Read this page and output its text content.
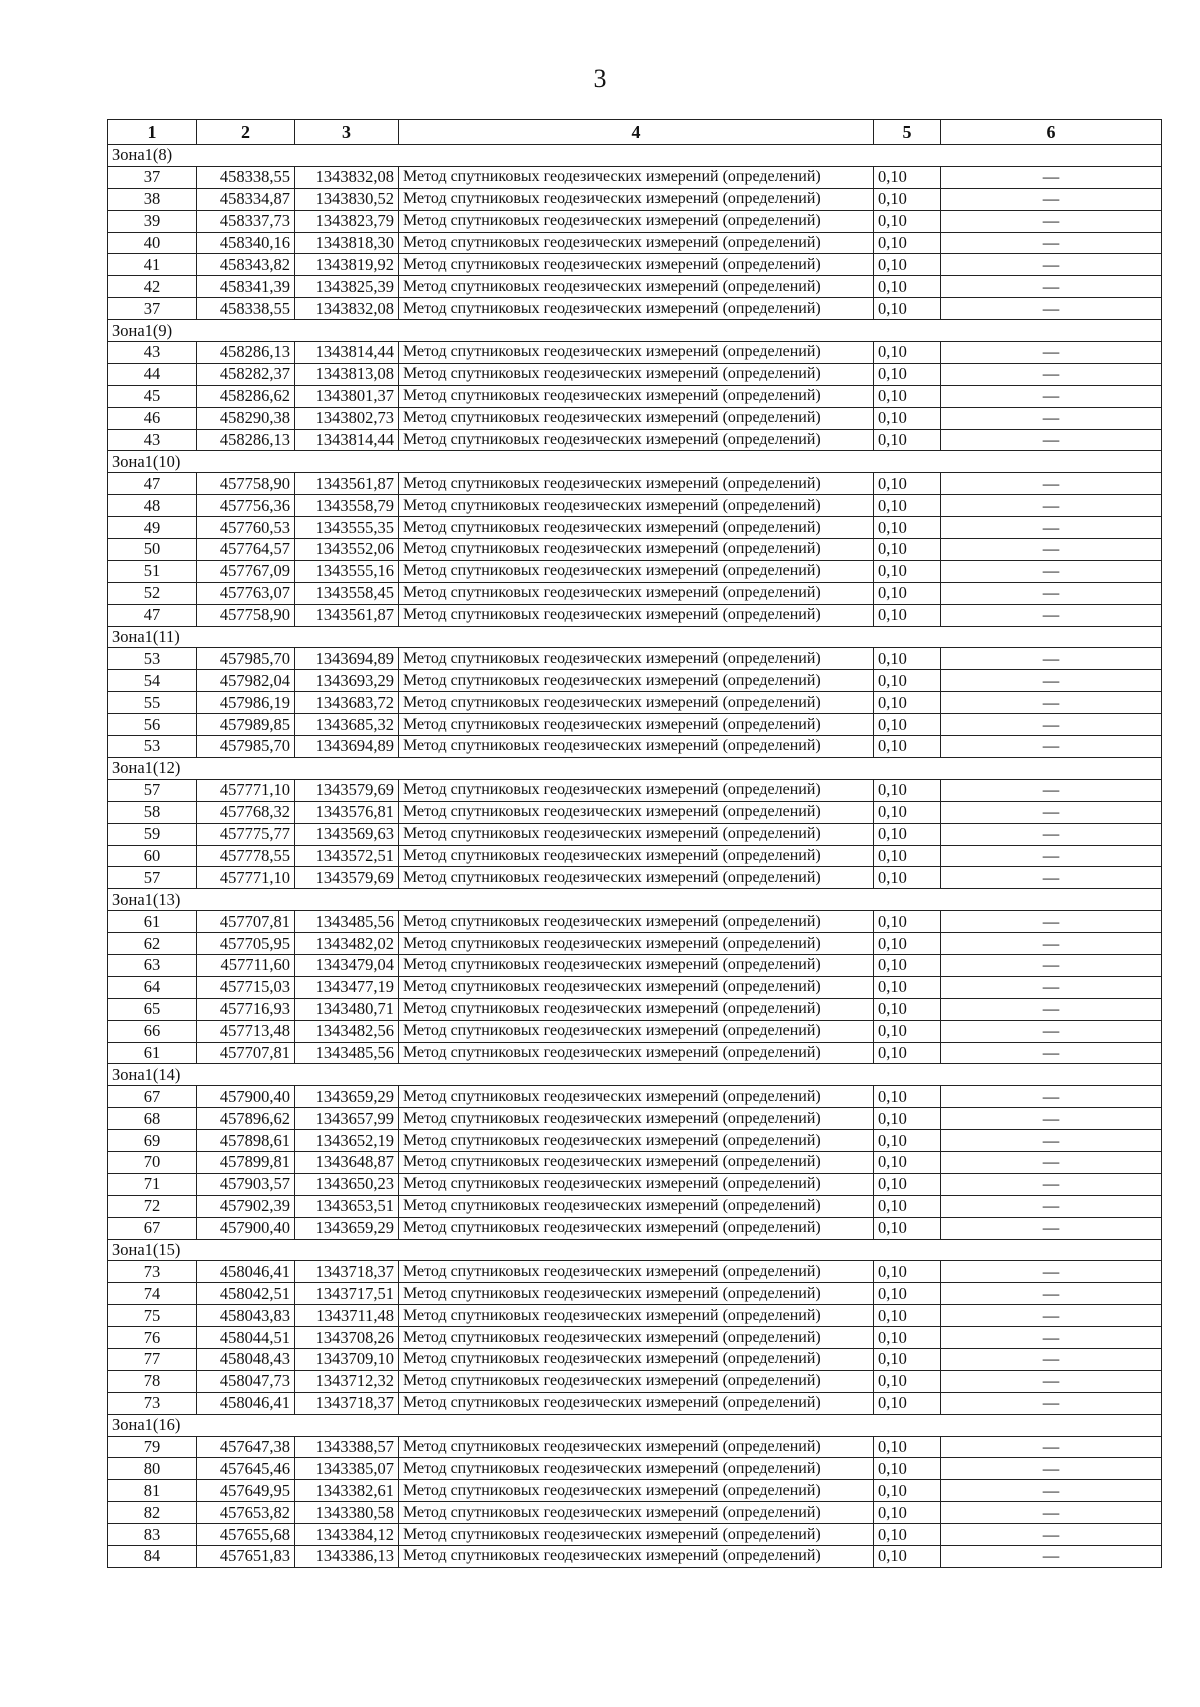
3
1	2	3	4	5	6
Зона1(8)					
37	458338,55	1343832,08	Метод спутниковых геодезических измерений (определений)	0,10	—
38	458334,87	1343830,52	Метод спутниковых геодезических измерений (определений)	0,10	—
39	458337,73	1343823,79	Метод спутниковых геодезических измерений (определений)	0,10	—
40	458340,16	1343818,30	Метод спутниковых геодезических измерений (определений)	0,10	—
41	458343,82	1343819,92	Метод спутниковых геодезических измерений (определений)	0,10	—
42	458341,39	1343825,39	Метод спутниковых геодезических измерений (определений)	0,10	—
37	458338,55	1343832,08	Метод спутниковых геодезических измерений (определений)	0,10	—
Зона1(9)					
43	458286,13	1343814,44	Метод спутниковых геодезических измерений (определений)	0,10	—
44	458282,37	1343813,08	Метод спутниковых геодезических измерений (определений)	0,10	—
45	458286,62	1343801,37	Метод спутниковых геодезических измерений (определений)	0,10	—
46	458290,38	1343802,73	Метод спутниковых геодезических измерений (определений)	0,10	—
43	458286,13	1343814,44	Метод спутниковых геодезических измерений (определений)	0,10	—
Зона1(10)					
47	457758,90	1343561,87	Метод спутниковых геодезических измерений (определений)	0,10	—
48	457756,36	1343558,79	Метод спутниковых геодезических измерений (определений)	0,10	—
49	457760,53	1343555,35	Метод спутниковых геодезических измерений (определений)	0,10	—
50	457764,57	1343552,06	Метод спутниковых геодезических измерений (определений)	0,10	—
51	457767,09	1343555,16	Метод спутниковых геодезических измерений (определений)	0,10	—
52	457763,07	1343558,45	Метод спутниковых геодезических измерений (определений)	0,10	—
47	457758,90	1343561,87	Метод спутниковых геодезических измерений (определений)	0,10	—
Зона1(11)					
53	457985,70	1343694,89	Метод спутниковых геодезических измерений (определений)	0,10	—
54	457982,04	1343693,29	Метод спутниковых геодезических измерений (определений)	0,10	—
55	457986,19	1343683,72	Метод спутниковых геодезических измерений (определений)	0,10	—
56	457989,85	1343685,32	Метод спутниковых геодезических измерений (определений)	0,10	—
53	457985,70	1343694,89	Метод спутниковых геодезических измерений (определений)	0,10	—
Зона1(12)					
57	457771,10	1343579,69	Метод спутниковых геодезических измерений (определений)	0,10	—
58	457768,32	1343576,81	Метод спутниковых геодезических измерений (определений)	0,10	—
59	457775,77	1343569,63	Метод спутниковых геодезических измерений (определений)	0,10	—
60	457778,55	1343572,51	Метод спутниковых геодезических измерений (определений)	0,10	—
57	457771,10	1343579,69	Метод спутниковых геодезических измерений (определений)	0,10	—
Зона1(13)					
61	457707,81	1343485,56	Метод спутниковых геодезических измерений (определений)	0,10	—
62	457705,95	1343482,02	Метод спутниковых геодезических измерений (определений)	0,10	—
63	457711,60	1343479,04	Метод спутниковых геодезических измерений (определений)	0,10	—
64	457715,03	1343477,19	Метод спутниковых геодезических измерений (определений)	0,10	—
65	457716,93	1343480,71	Метод спутниковых геодезических измерений (определений)	0,10	—
66	457713,48	1343482,56	Метод спутниковых геодезических измерений (определений)	0,10	—
61	457707,81	1343485,56	Метод спутниковых геодезических измерений (определений)	0,10	—
Зона1(14)					
67	457900,40	1343659,29	Метод спутниковых геодезических измерений (определений)	0,10	—
68	457896,62	1343657,99	Метод спутниковых геодезических измерений (определений)	0,10	—
69	457898,61	1343652,19	Метод спутниковых геодезических измерений (определений)	0,10	—
70	457899,81	1343648,87	Метод спутниковых геодезических измерений (определений)	0,10	—
71	457903,57	1343650,23	Метод спутниковых геодезических измерений (определений)	0,10	—
72	457902,39	1343653,51	Метод спутниковых геодезических измерений (определений)	0,10	—
67	457900,40	1343659,29	Метод спутниковых геодезических измерений (определений)	0,10	—
Зона1(15)					
73	458046,41	1343718,37	Метод спутниковых геодезических измерений (определений)	0,10	—
74	458042,51	1343717,51	Метод спутниковых геодезических измерений (определений)	0,10	—
75	458043,83	1343711,48	Метод спутниковых геодезических измерений (определений)	0,10	—
76	458044,51	1343708,26	Метод спутниковых геодезических измерений (определений)	0,10	—
77	458048,43	1343709,10	Метод спутниковых геодезических измерений (определений)	0,10	—
78	458047,73	1343712,32	Метод спутниковых геодезических измерений (определений)	0,10	—
73	458046,41	1343718,37	Метод спутниковых геодезических измерений (определений)	0,10	—
Зона1(16)					
79	457647,38	1343388,57	Метод спутниковых геодезических измерений (определений)	0,10	—
80	457645,46	1343385,07	Метод спутниковых геодезических измерений (определений)	0,10	—
81	457649,95	1343382,61	Метод спутниковых геодезических измерений (определений)	0,10	—
82	457653,82	1343380,58	Метод спутниковых геодезических измерений (определений)	0,10	—
83	457655,68	1343384,12	Метод спутниковых геодезических измерений (определений)	0,10	—
84	457651,83	1343386,13	Метод спутниковых геодезических измерений (определений)	0,10	—
